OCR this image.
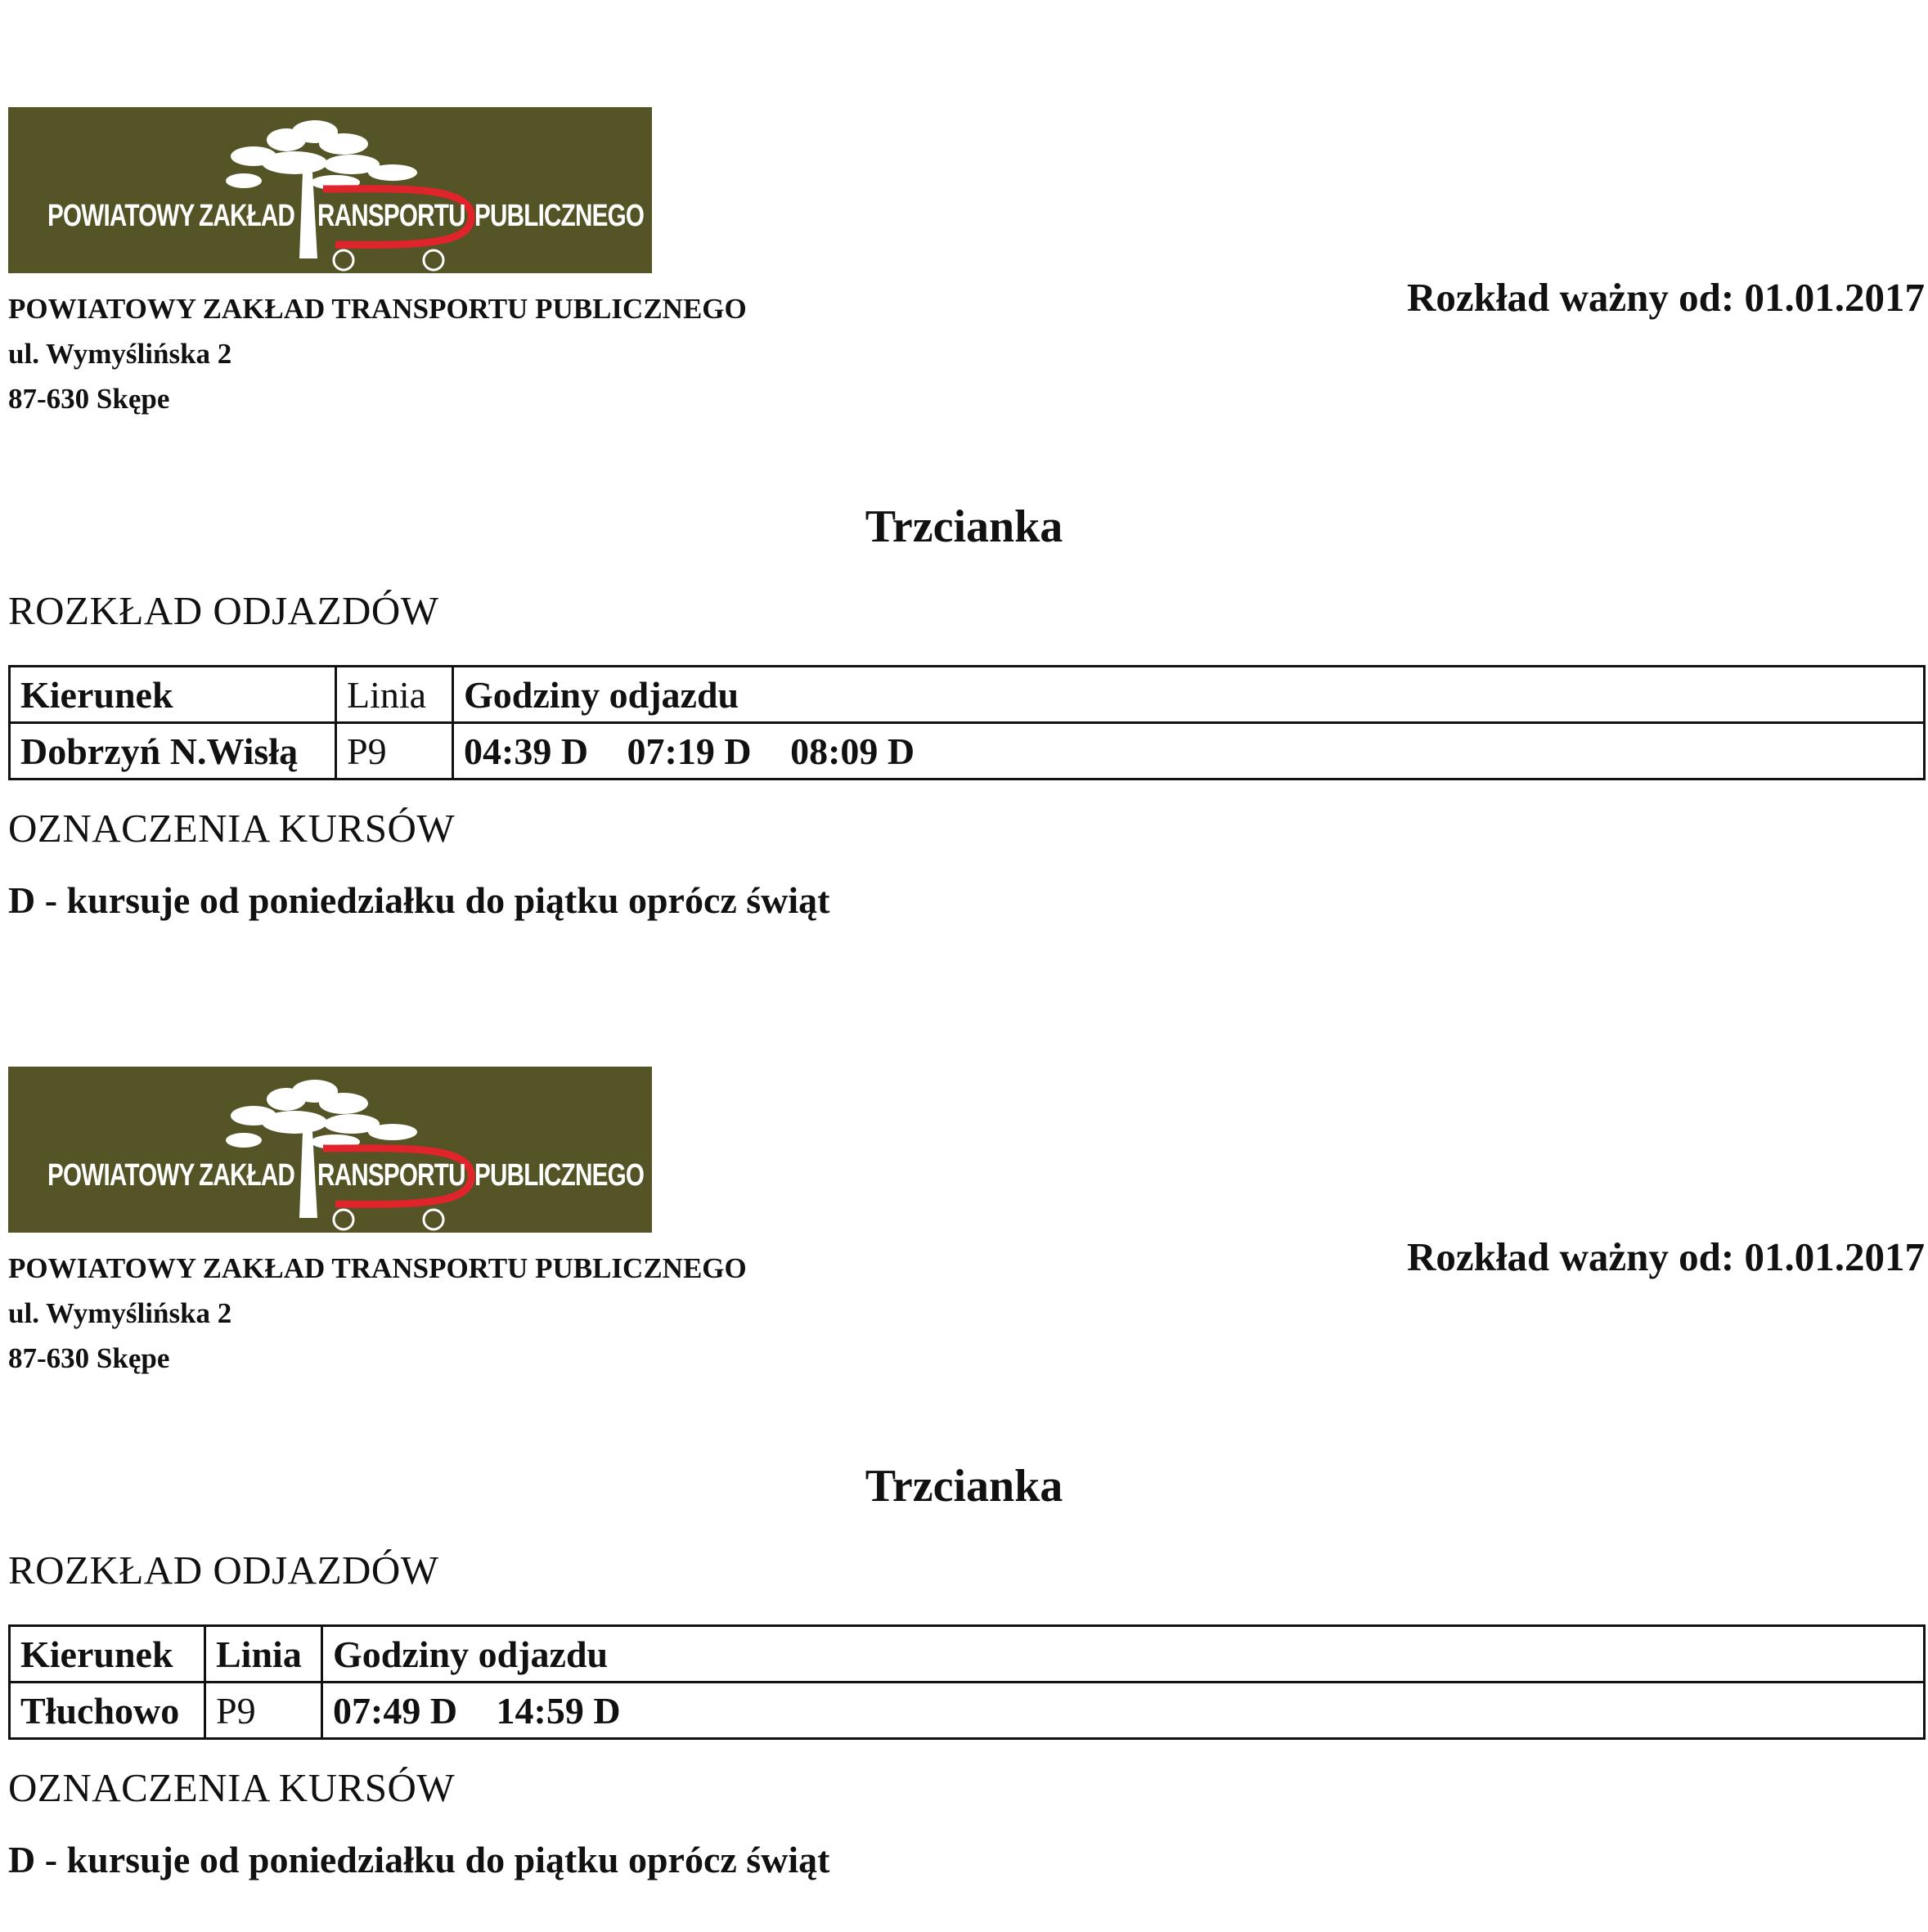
POWIATOWY ZAKŁAD RANSPORTU PUBLICZNEGO
POWIATOWY ZAKŁAD TRANSPORTU PUBLICZNEGO
ul. Wymyślińska 2
87-630 Skępe
Rozkład ważny od: 01.01.2017
Trzcianka
ROZKŁAD ODJAZDÓW
Kierunek	Linia	Godziny odjazdu
Dobrzyń N.Wisłą	P9	04:39 D 07:19 D 08:09 D
OZNACZENIA KURSÓW
D - kursuje od poniedziałku do piątku oprócz świąt
POWIATOWY ZAKŁAD RANSPORTU PUBLICZNEGO
POWIATOWY ZAKŁAD TRANSPORTU PUBLICZNEGO
ul. Wymyślińska 2
87-630 Skępe
Rozkład ważny od: 01.01.2017
Trzcianka
ROZKŁAD ODJAZDÓW
Kierunek	Linia	Godziny odjazdu
Tłuchowo	P9	07:49 D 14:59 D
OZNACZENIA KURSÓW
D - kursuje od poniedziałku do piątku oprócz świąt
